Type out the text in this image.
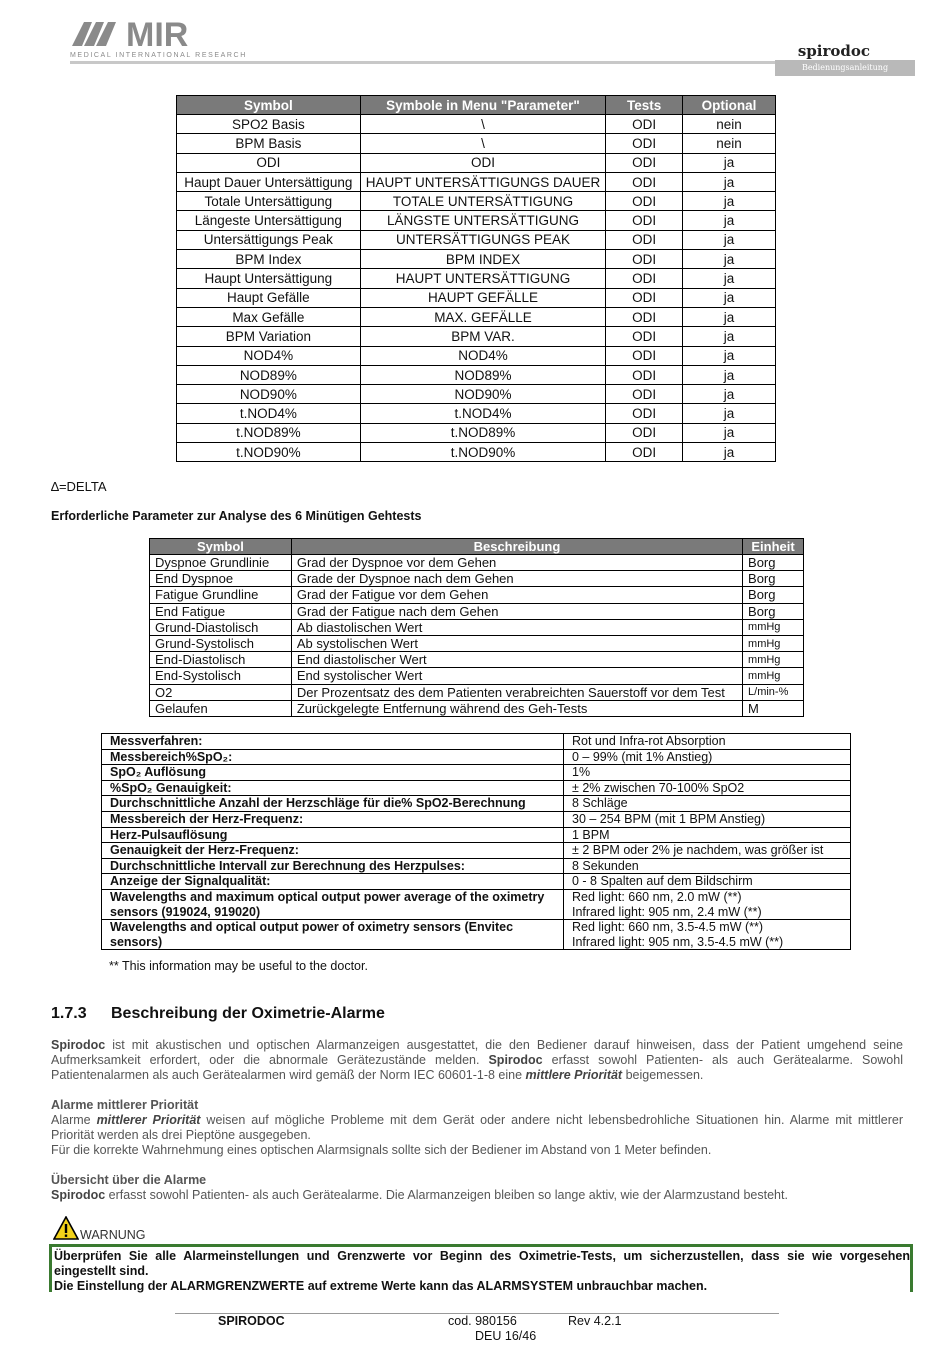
MIR
MEDICAL INTERNATIONAL RESEARCH	spirodoc
Bedienungsanleitung
Symbol	Symbole in Menu "Parameter"	Tests	Optional
SPO2 Basis	\	ODI	nein
BPM Basis	\	ODI	nein
ODI	ODI	ODI	ja
Haupt Dauer Untersättigung	HAUPT UNTERSÄTTIGUNGS DAUER	ODI	ja
Totale Untersättigung	TOTALE UNTERSÄTTIGUNG	ODI	ja
Längeste Untersättigung	LÄNGSTE UNTERSÄTTIGUNG	ODI	ja
Untersättigungs Peak	UNTERSÄTTIGUNGS PEAK	ODI	ja
BPM Index	BPM INDEX	ODI	ja
Haupt Untersättigung	HAUPT UNTERSÄTTIGUNG	ODI	ja
Haupt Gefälle	HAUPT GEFÄLLE	ODI	ja
Max Gefälle	MAX. GEFÄLLE	ODI	ja
BPM Variation	BPM VAR.	ODI	ja
NOD4%	NOD4%	ODI	ja
NOD89%	NOD89%	ODI	ja
NOD90%	NOD90%	ODI	ja
t.NOD4%	t.NOD4%	ODI	ja
t.NOD89%	t.NOD89%	ODI	ja
t.NOD90%	t.NOD90%	ODI	ja
∆=DELTA
Erforderliche Parameter zur Analyse des 6 Minütigen Gehtests
Symbol	Beschreibung	Einheit
Dyspnoe Grundlinie	Grad der Dyspnoe vor dem Gehen	Borg
End Dyspnoe	Grade der Dyspnoe nach dem Gehen	Borg
Fatigue Grundline	Grad der Fatigue vor dem Gehen	Borg
End Fatigue	Grad der Fatigue nach dem Gehen	Borg
Grund-Diastolisch	Ab diastolischen Wert	mmHg
Grund-Systolisch	Ab systolischen Wert	mmHg
End-Diastolisch	End diastolischer Wert	mmHg
End-Systolisch	End systolischer Wert	mmHg
O2	Der Prozentsatz des dem Patienten verabreichten Sauerstoff vor dem Test	L/min-%
Gelaufen	Zurückgelegte Entfernung während des Geh-Tests	M
Messverfahren:	Rot und Infra-rot Absorption
Messbereich%SpO₂:	0 – 99% (mit 1% Anstieg)
SpO₂ Auflösung	1%
%SpO₂ Genauigkeit:	± 2% zwischen 70-100% SpO2
Durchschnittliche Anzahl der Herzschläge für die% SpO2-Berechnung	8 Schläge
Messbereich der Herz-Frequenz:	30 – 254 BPM (mit 1 BPM Anstieg)
Herz-Pulsauflösung	1 BPM
Genauigkeit der Herz-Frequenz:	± 2 BPM oder 2% je nachdem, was größer ist
Durchschnittliche Intervall zur Berechnung des Herzpulses:	8 Sekunden
Anzeige der Signalqualität:	0 - 8 Spalten auf dem Bildschirm
Wavelengths and maximum optical output power average of the oximetry sensors (919024, 919020)	Red light: 660 nm, 2.0 mW (**)
Infrared light: 905 nm, 2.4 mW (**)
Wavelengths and optical output power of oximetry sensors (Envitec sensors)	Red light: 660 nm, 3.5-4.5 mW (**)
Infrared light: 905 nm, 3.5-4.5 mW (**)
** This information may be useful to the doctor.
1.7.3 Beschreibung der Oximetrie-Alarme
Spirodoc ist mit akustischen und optischen Alarmanzeigen ausgestattet, die den Bediener darauf hinweisen, dass der Patient umgehend seine Aufmerksamkeit erfordert, oder die abnormale Gerätezustände melden. Spirodoc erfasst sowohl Patienten- als auch Gerätealarme. Sowohl Patientenalarmen als auch Gerätealarmen wird gemäß der Norm IEC 60601-1-8 eine mittlere Priorität beigemessen.
Alarme mittlerer Priorität
Alarme mittlerer Priorität weisen auf mögliche Probleme mit dem Gerät oder andere nicht lebensbedrohliche Situationen hin. Alarme mit mittlerer Priorität werden als drei Pieptöne ausgegeben.
Für die korrekte Wahrnehmung eines optischen Alarmsignals sollte sich der Bediener im Abstand von 1 Meter befinden.
Übersicht über die Alarme
Spirodoc erfasst sowohl Patienten- als auch Gerätealarme. Die Alarmanzeigen bleiben so lange aktiv, wie der Alarmzustand besteht.
WARNUNG
Überprüfen Sie alle Alarmeinstellungen und Grenzwerte vor Beginn des Oximetrie-Tests, um sicherzustellen, dass sie wie vorgesehen eingestellt sind.
Die Einstellung der ALARMGRENZWERTE auf extreme Werte kann das ALARMSYSTEM unbrauchbar machen.
SPIRODOC	cod. 980156	Rev 4.2.1
DEU 16/46
